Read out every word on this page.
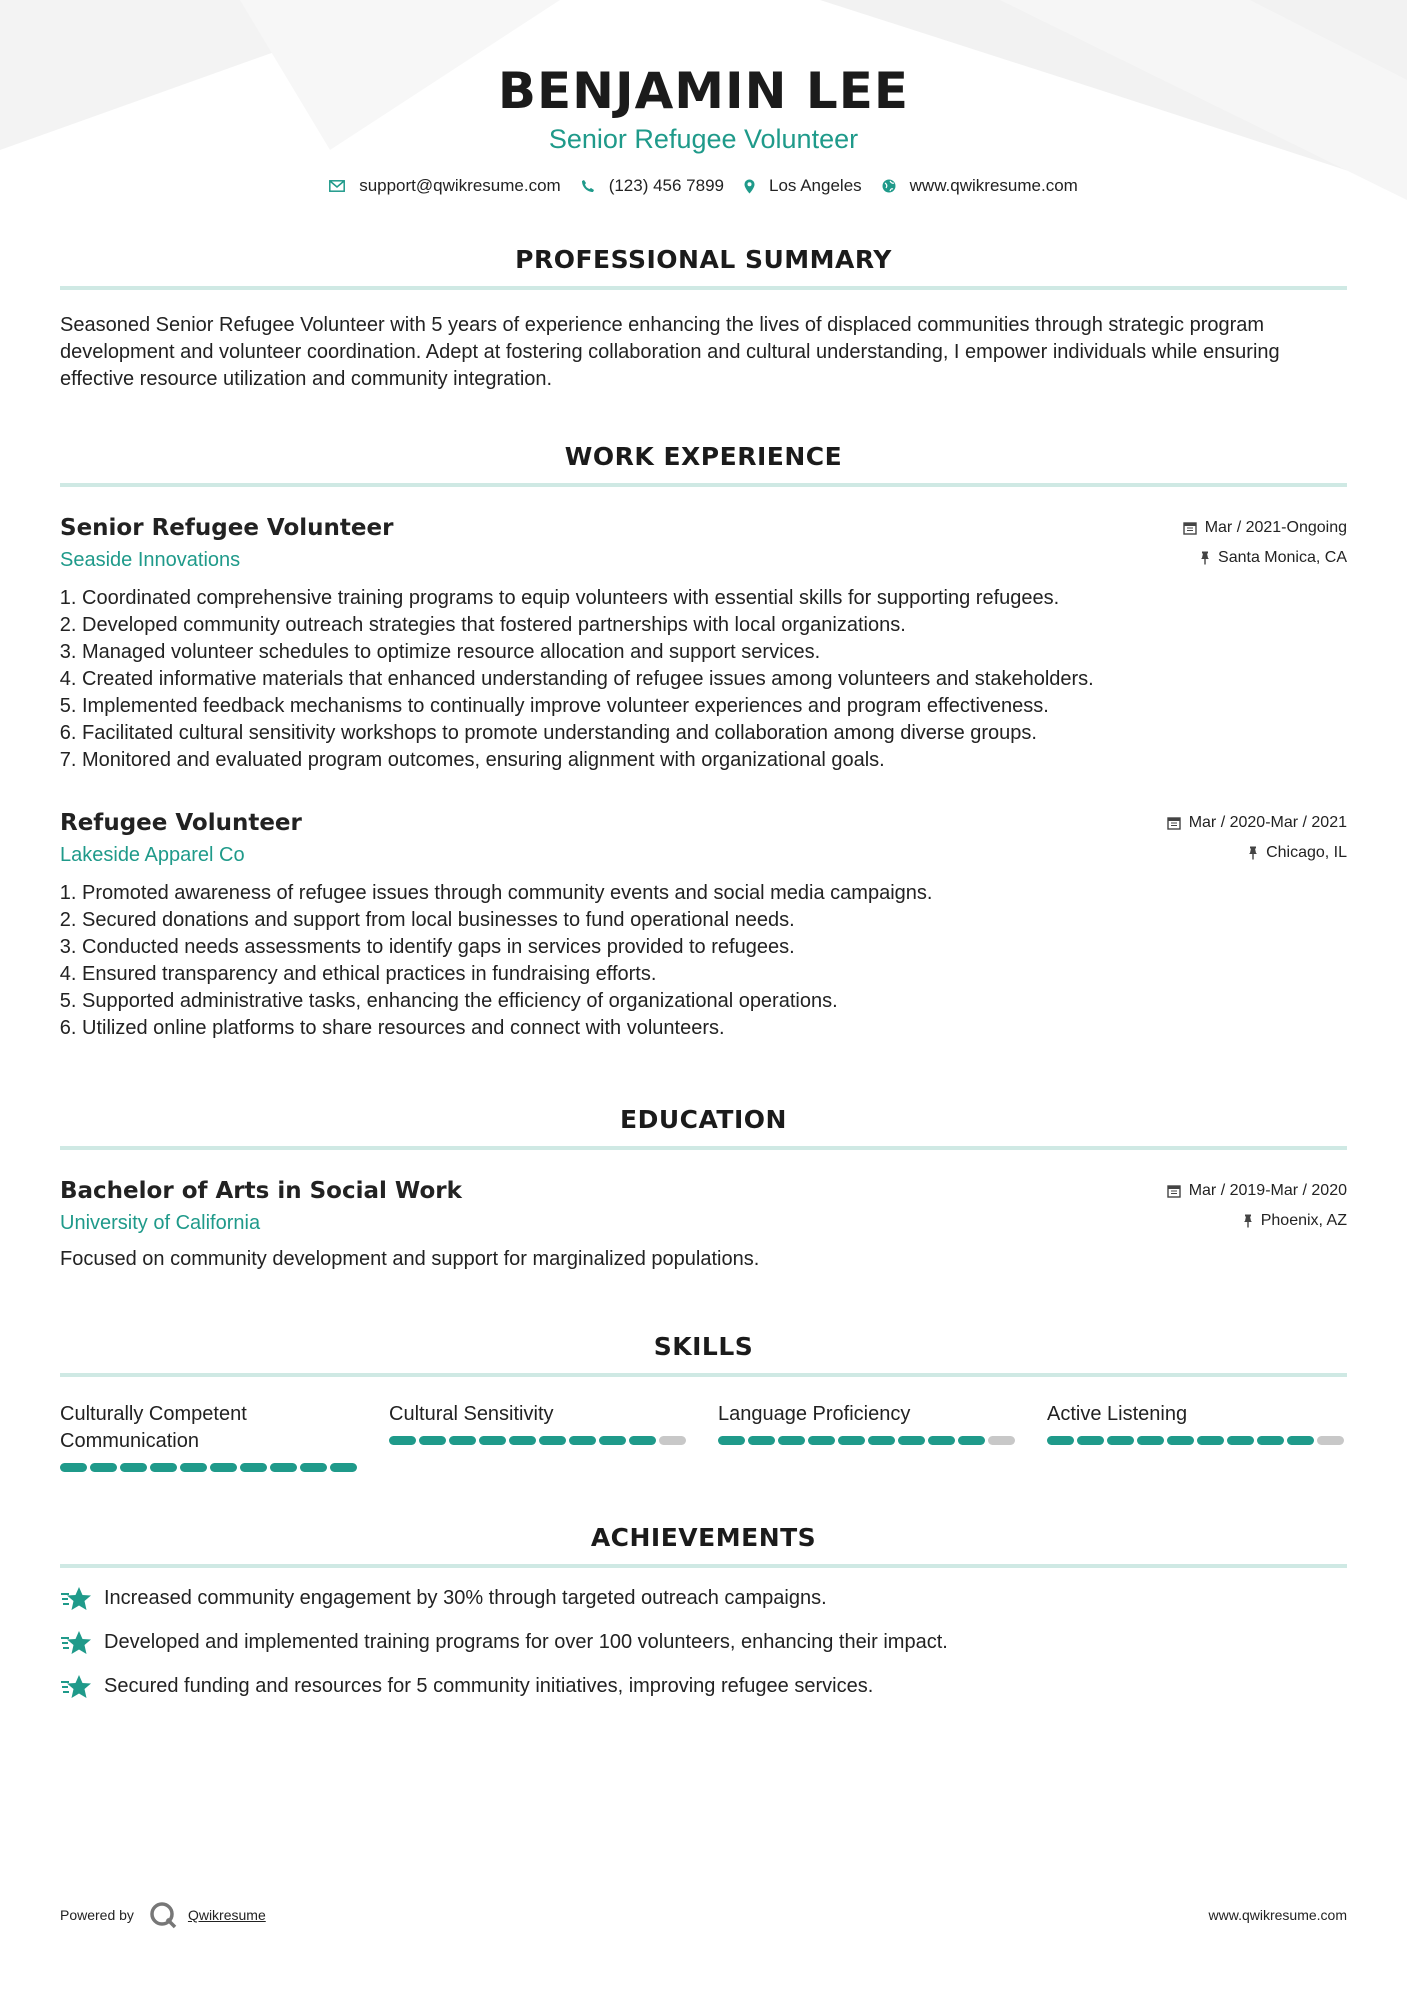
BENJAMIN LEE
Senior Refugee Volunteer
support@qwikresume.com	(123) 456 7899	Los Angeles	www.qwikresume.com
PROFESSIONAL SUMMARY
Seasoned Senior Refugee Volunteer with 5 years of experience enhancing the lives of displaced communities through strategic program development and volunteer coordination. Adept at fostering collaboration and cultural understanding, I empower individuals while ensuring effective resource utilization and community integration.
WORK EXPERIENCE
Senior Refugee Volunteer
Seaside Innovations
Mar / 2021-Ongoing
Santa Monica, CA
1. Coordinated comprehensive training programs to equip volunteers with essential skills for supporting refugees.
2. Developed community outreach strategies that fostered partnerships with local organizations.
3. Managed volunteer schedules to optimize resource allocation and support services.
4. Created informative materials that enhanced understanding of refugee issues among volunteers and stakeholders.
5. Implemented feedback mechanisms to continually improve volunteer experiences and program effectiveness.
6. Facilitated cultural sensitivity workshops to promote understanding and collaboration among diverse groups.
7. Monitored and evaluated program outcomes, ensuring alignment with organizational goals.
Refugee Volunteer
Lakeside Apparel Co
Mar / 2020-Mar / 2021
Chicago, IL
1. Promoted awareness of refugee issues through community events and social media campaigns.
2. Secured donations and support from local businesses to fund operational needs.
3. Conducted needs assessments to identify gaps in services provided to refugees.
4. Ensured transparency and ethical practices in fundraising efforts.
5. Supported administrative tasks, enhancing the efficiency of organizational operations.
6. Utilized online platforms to share resources and connect with volunteers.
EDUCATION
Bachelor of Arts in Social Work
University of California
Mar / 2019-Mar / 2020
Phoenix, AZ
Focused on community development and support for marginalized populations.
SKILLS
Culturally Competent Communication
Cultural Sensitivity	Language Proficiency	Active Listening
ACHIEVEMENTS
Increased community engagement by 30% through targeted outreach campaigns.
Developed and implemented training programs for over 100 volunteers, enhancing their impact.
Secured funding and resources for 5 community initiatives, improving refugee services.
Powered by	Qwikresume	www.qwikresume.com
